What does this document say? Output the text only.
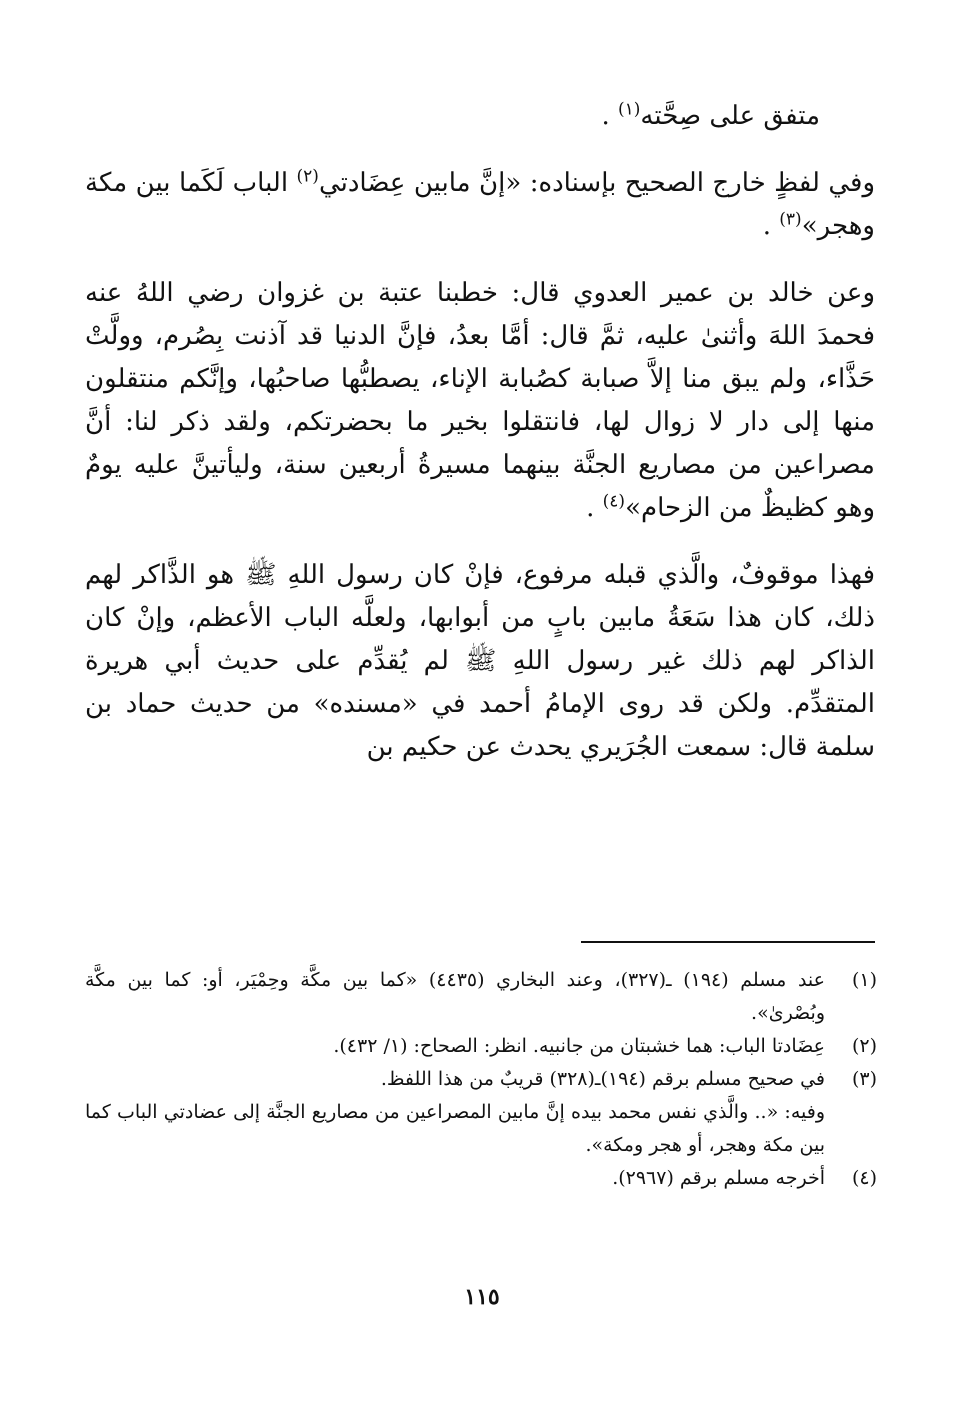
متفق على صِحَّته$^{(١)}$ .

وفي لفظٍ خارج الصحيح بإسناده: «إنَّ مابين عِضَادتي$^{(٢)}$ الباب لَكَما بين مكة وهجر»$^{(٣)}$ .

وعن خالد بن عمير العدوي قال: خطبنا عتبة بن غزوان رضي اللهُ عنه فحمدَ اللهَ وأثنىٰ عليه، ثمَّ قال: أمَّا بعدُ، فإنَّ الدنيا قد آذنت بِصُرم، وولَّتْ حَذَّاء، ولم يبق منا إلاَّ صبابة كصُبابة الإناء، يصطبُّها صاحبُها، وإنَّكم منتقلون منها إلى دار لا زوال لها، فانتقلوا بخير ما بحضرتكم، ولقد ذكر لنا: أنَّ مصراعين من مصاريع الجنَّة بينهما مسيرةُ أربعين سنة، وليأتينَّ عليه يومٌ وهو كظيظٌ من الزحام»$^{(٤)}$ .

فهذا موقوفٌ، والَّذي قبله مرفوع، فإنْ كان رسول اللهِ ﷺ هو الذَّاكر لهم ذلك، كان هذا سَعَةُ مابين بابٍ من أبوابها، ولعلَّه الباب الأعظم، وإنْ كان الذاكر لهم ذلك غير رسول اللهِ ﷺ لم يُقدِّم على حديث أبي هريرة المتقدِّم. ولكن قد روى الإمامُ أحمد في «مسنده» من حديث حماد بن سلمة قال: سمعت الجُرَيري يحدث عن حكيم بن

(١)
عند مسلم (١٩٤) ـ(٣٢٧)، وعند البخاري (٤٤٣٥) «كما بين مكَّة وحِمْيَر، أو: كما بين مكَّة وبُصْرىٰ».
(٢)
عِضَادتا الباب: هما خشبتان من جانبيه. انظر: الصحاح: (١/ ٤٣٢).
(٣)
في صحيح مسلم برقم (١٩٤)ـ(٣٢٨) قريبٌ من هذا اللفظ.
وفيه: «.. والَّذي نفس محمد بيده إنَّ مابين المصراعين من مصاريع الجنَّة إلى عضادتي الباب كما بين مكة وهجر، أو هجر ومكة».
(٤)
أخرجه مسلم برقم (٢٩٦٧).
١١٥
